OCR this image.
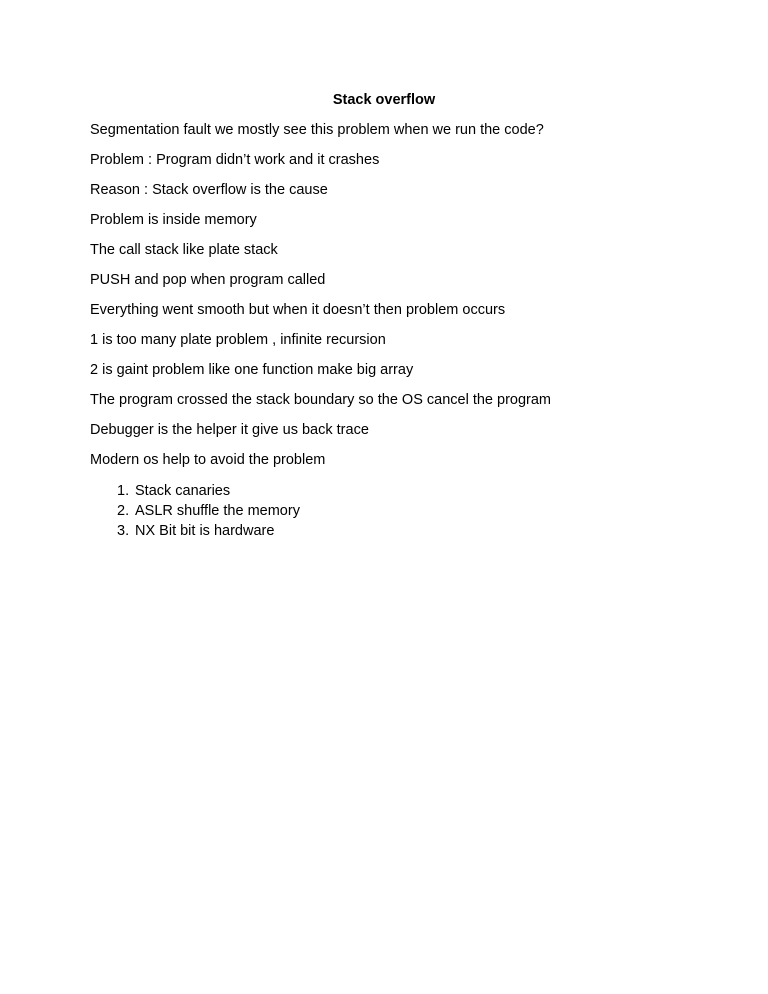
Stack overflow

Segmentation fault we mostly see this problem when we run the code?

Problem : Program didn’t work and it crashes

Reason : Stack overflow is the cause

Problem is inside memory

The call stack like plate stack

PUSH and pop when program called

Everything went smooth but when it doesn’t then problem occurs

1 is too many plate problem , infinite recursion

2 is gaint problem like one function make big array

The program crossed the stack boundary so the OS cancel the program

Debugger is the helper it give us back trace

Modern os help to avoid the problem

1. Stack canaries
2. ASLR shuffle the memory
3. NX Bit bit is hardware
